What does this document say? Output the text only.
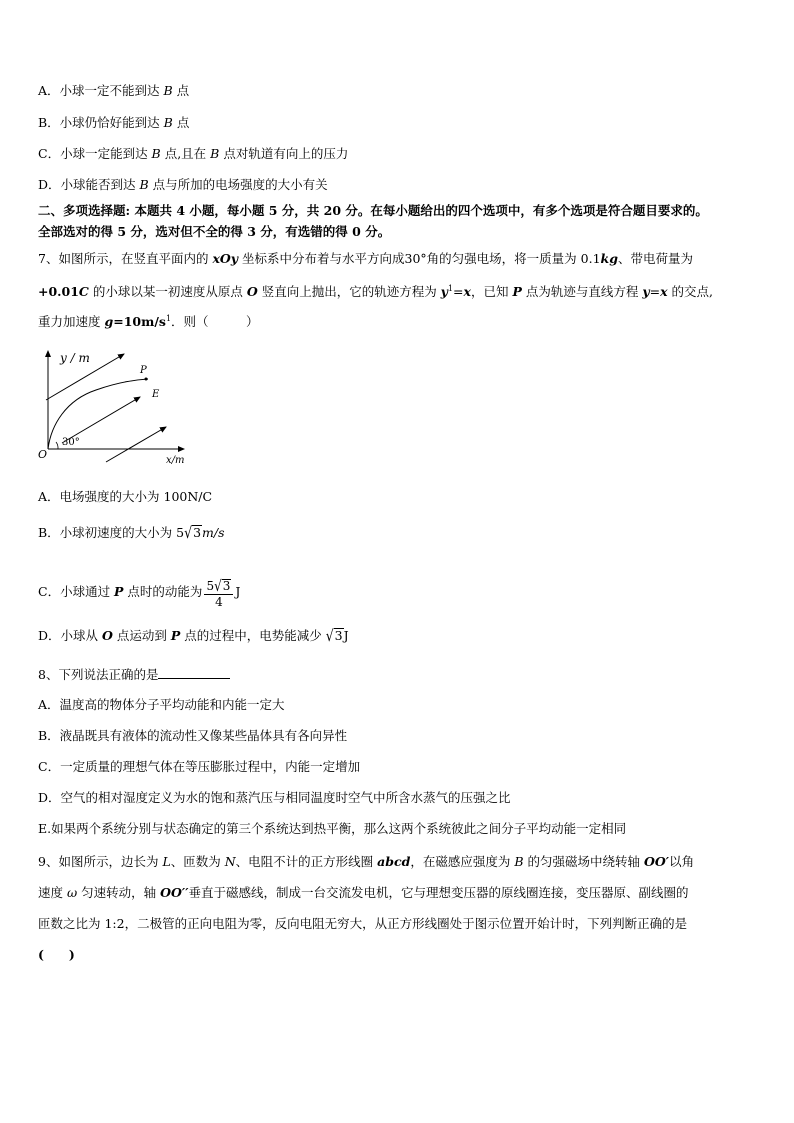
A．小球一定不能到达 B 点
B．小球仍恰好能到达 B 点
C．小球一定能到达 B 点,且在 B 点对轨道有向上的压力
D．小球能否到达 B 点与所加的电场强度的大小有关
二、多项选择题: 本题共 4 小题，每小题 5 分，共 20 分。在每小题给出的四个选项中，有多个选项是符合题目要求的。
全部选对的得 5 分，选对但不全的得 3 分，有选错的得 0 分。
7、如图所示，在竖直平面内的 xOy 坐标系中分布着与水平方向成30°角的匀强电场，将一质量为 0.1kg、带电荷量为
+0.01C 的小球以某一初速度从原点 O 竖直向上抛出，它的轨迹方程为 $y^1=x$，已知 P 点为轨迹与直线方程 y=x 的交点,
重力加速度 $g=10m/s^1$．则（　　　）
y / m
x/m
O
P
E
30°
A．电场强度的大小为 100N/C
B．小球初速度的大小为 5√3m/s
C．小球通过 P 点时的动能为 $\frac{5√3}{4}$ J
D．小球从 O 点运动到 P 点的过程中，电势能减少 √3J
8、下列说法正确的是
A．温度高的物体分子平均动能和内能一定大
B．液晶既具有液体的流动性又像某些晶体具有各向异性
C．一定质量的理想气体在等压膨胀过程中，内能一定增加
D．空气的相对湿度定义为水的饱和蒸汽压与相同温度时空气中所含水蒸气的压强之比
E.如果两个系统分别与状态确定的第三个系统达到热平衡，那么这两个系统彼此之间分子平均动能一定相同
9、如图所示，边长为 L、匝数为 N、电阻不计的正方形线圈 abcd，在磁感应强度为 B 的匀强磁场中绕转轴 OO′以角
速度 ω 匀速转动，轴 OO′′垂直于磁感线，制成一台交流发电机，它与理想变压器的原线圈连接，变压器原、副线圈的
匝数之比为 1:2，二极管的正向电阻为零，反向电阻无穷大，从正方形线圈处于图示位置开始计时，下列判断正确的是
(　　)
